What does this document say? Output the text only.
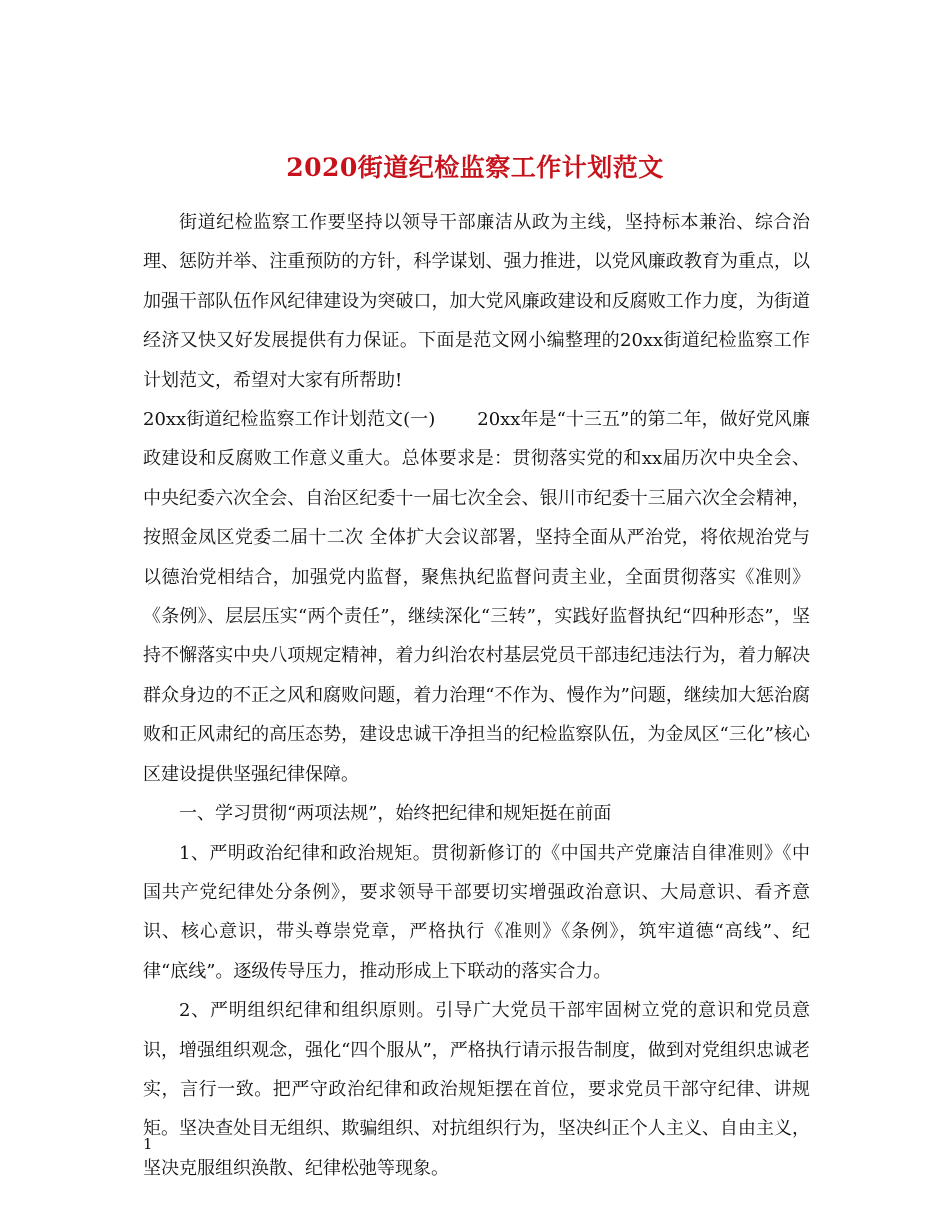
2020街道纪检监察工作计划范文

街道纪检监察工作要坚持以领导干部廉洁从政为主线，坚持标本兼治、综合治理、惩防并举、注重预防的方针，科学谋划、强力推进，以党风廉政教育为重点，以加强干部队伍作风纪律建设为突破口，加大党风廉政建设和反腐败工作力度，为街道经济又快又好发展提供有力保证。下面是范文网小编整理的20xx街道纪检监察工作计划范文，希望对大家有所帮助!

20xx街道纪检监察工作计划范文(一)　　 20xx年是“十三五”的第二年，做好党风廉政建设和反腐败工作意义重大。总体要求是：贯彻落实党的和xx届历次中央全会、中央纪委六次全会、自治区纪委十一届七次全会、银川市纪委十三届六次全会精神，按照金凤区党委二届十二次 全体扩大会议部署，坚持全面从严治党，将依规治党与以德治党相结合，加强党内监督，聚焦执纪监督问责主业，全面贯彻落实《准则》《条例》、层层压实“两个责任”，继续深化“三转”，实践好监督执纪“四种形态”，坚持不懈落实中央八项规定精神，着力纠治农村基层党员干部违纪违法行为，着力解决群众身边的不正之风和腐败问题，着力治理“不作为、慢作为”问题，继续加大惩治腐败和正风肃纪的高压态势，建设忠诚干净担当的纪检监察队伍，为金凤区“三化”核心区建设提供坚强纪律保障。

一、学习贯彻“两项法规”，始终把纪律和规矩挺在前面

1、严明政治纪律和政治规矩。贯彻新修订的《中国共产党廉洁自律准则》《中国共产党纪律处分条例》，要求领导干部要切实增强政治意识、大局意识、看齐意识、核心意识，带头尊崇党章，严格执行《准则》《条例》，筑牢道德“高线”、纪律“底线”。逐级传导压力，推动形成上下联动的落实合力。

2、严明组织纪律和组织原则。引导广大党员干部牢固树立党的意识和党员意识，增强组织观念，强化“四个服从”，严格执行请示报告制度，做到对党组织忠诚老实，言行一致。把严守政治纪律和政治规矩摆在首位，要求党员干部守纪律、讲规矩。坚决查处目无组织、欺骗组织、对抗组织行为，坚决纠正个人主义、自由主义，坚决克服组织涣散、纪律松弛等现象。

1
